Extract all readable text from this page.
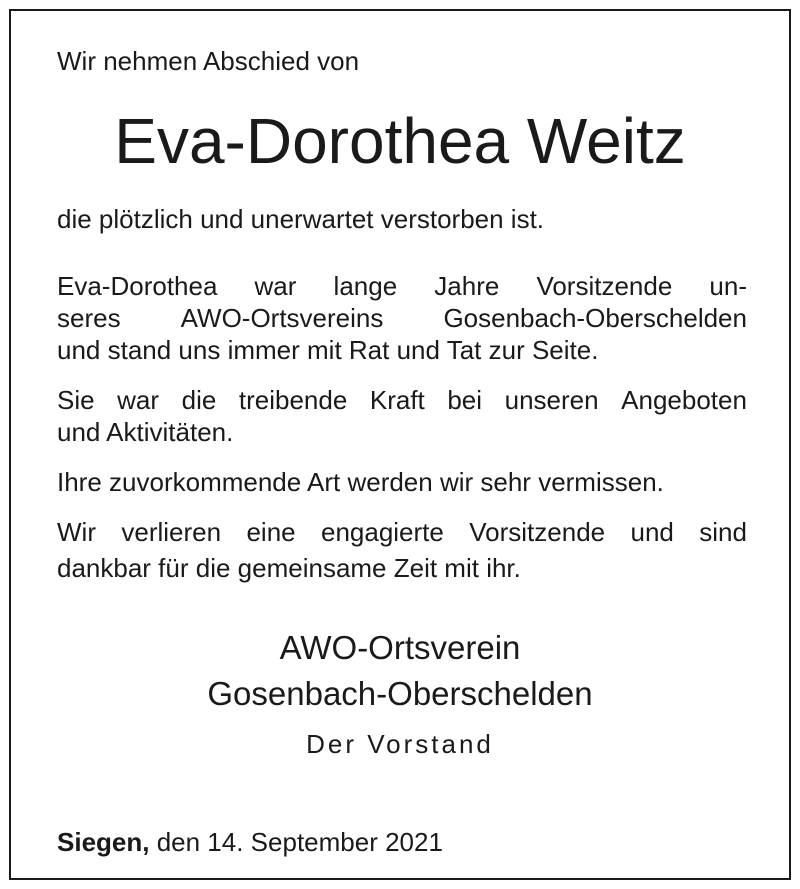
Wir nehmen Abschied von
Eva-Dorothea Weitz
die plötzlich und unerwartet verstorben ist.
Eva-Dorothea war lange Jahre Vorsitzende un-
seres AWO-Ortsvereins Gosenbach-Oberschelden
und stand uns immer mit Rat und Tat zur Seite.
Sie war die treibende Kraft bei unseren Angeboten
und Aktivitäten.
Ihre zuvorkommende Art werden wir sehr vermissen.
Wir verlieren eine engagierte Vorsitzende und sind
dankbar für die gemeinsame Zeit mit ihr.
AWO-Ortsverein
Gosenbach-Oberschelden
Der Vorstand
Siegen, den 14. September 2021
